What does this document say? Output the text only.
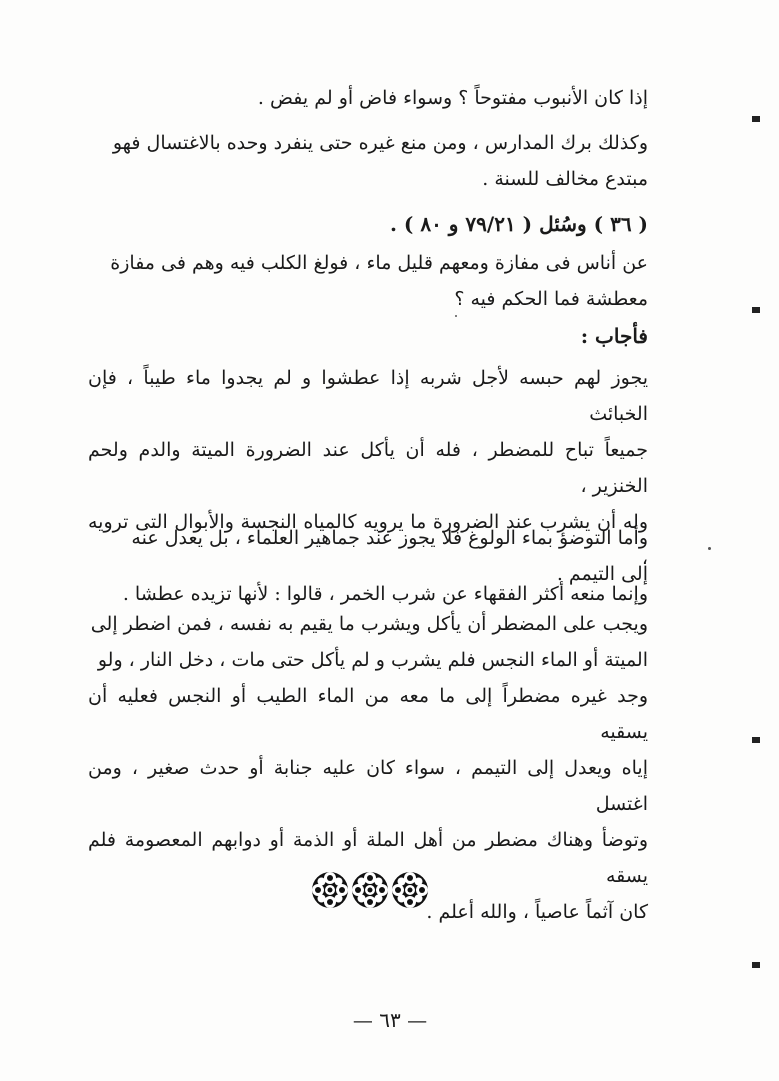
إذا كان الأنبوب مفتوحاً ؟ وسواء فاض أو لم يفض .
وكذلك برك المدارس ، ومن منع غيره حتى ينفرد وحده بالاغتسال فهو
مبتدع مخالف للسنة .
( ٣٦ ) وسُئل ( ٧٩/٢١ و ٨٠ ) .
عن أناس فى مفازة ومعهم قليل ماء ، فولغ الكلب فيه وهم فى مفازة
معطشة فما الحكم فيه ؟
فأجاب :
يجوز لهم حبسه لأجل شربه إذا عطشوا و لم يجدوا ماء طيباً ، فإن الخبائث
جميعاً تباح للمضطر ، فله أن يأكل عند الضرورة الميتة والدم ولحم الخنزير ،
وله أن يشرب عند الضرورة ما يرويه كالمياه النجسة والأبوال التى ترويه ،
وإنما منعه أكثر الفقهاء عن شرب الخمر ، قالوا : لأنها تزيده عطشا .
وأما التوضؤ بماء الولوغ فلا يجوز عند جماهير العلماء ، بل يعدل عنه
إلى التيمم .
ويجب على المضطر أن يأكل ويشرب ما يقيم به نفسه ، فمن اضطر إلى
الميتة أو الماء النجس فلم يشرب و لم يأكل حتى مات ، دخل النار ، ولو
وجد غيره مضطراً إلى ما معه من الماء الطيب أو النجس فعليه أن يسقيه
إياه ويعدل إلى التيمم ، سواء كان عليه جنابة أو حدث صغير ، ومن اغتسل
وتوضأ وهناك مضطر من أهل الملة أو الذمة أو دوابهم المعصومة فلم يسقه
كان آثماً عاصياً ، والله أعلم .
— ٦٣ —
